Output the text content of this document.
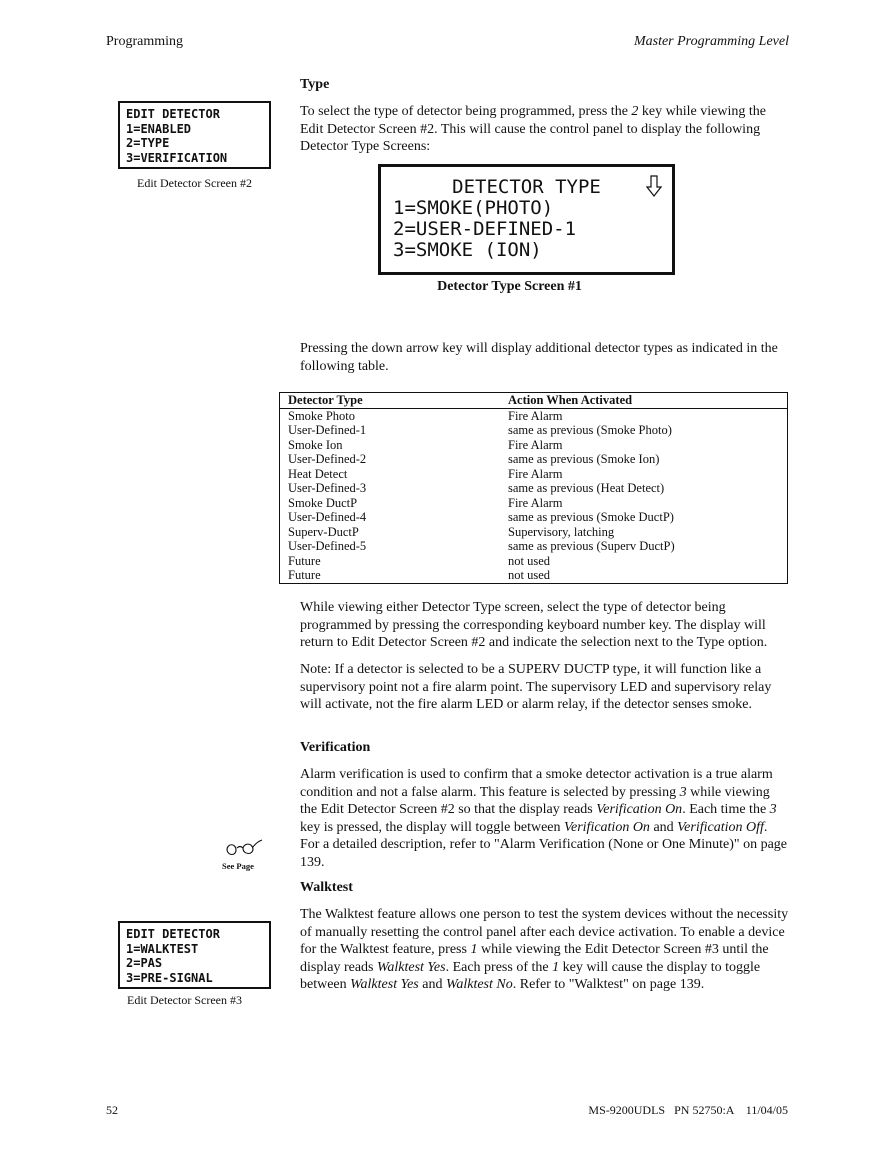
Programming	Master Programming Level
Type
To select the type of detector being programmed, press the 2 key while viewing the Edit Detector Screen #2. This will cause the control panel to display the following Detector Type Screens:
EDIT DETECTOR
1=ENABLED
2=TYPE
3=VERIFICATION
Edit Detector Screen #2	DETECTOR TYPE
1=SMOKE(PHOTO)
2=USER-DEFINED-1
3=SMOKE (ION)
Detector Type Screen #1
Pressing the down arrow key will display additional detector types as indicated in the following table.
Detector Type	Action When Activated
Smoke Photo	Fire Alarm
User-Defined-1	same as previous (Smoke Photo)
Smoke Ion	Fire Alarm
User-Defined-2	same as previous (Smoke Ion)
Heat Detect	Fire Alarm
User-Defined-3	same as previous (Heat Detect)
Smoke DuctP	Fire Alarm
User-Defined-4	same as previous (Smoke DuctP)
Superv-DuctP	Supervisory, latching
User-Defined-5	same as previous (Superv DuctP)
Future	not used
Future	not used
While viewing either Detector Type screen, select the type of detector being programmed by pressing the corresponding keyboard number key. The display will return to Edit Detector Screen #2 and indicate the selection next to the Type option.
Note: If a detector is selected to be a SUPERV DUCTP type, it will function like a supervisory point not a fire alarm point. The supervisory LED and supervisory relay will activate, not the fire alarm LED or alarm relay, if the detector senses smoke.
Verification
Alarm verification is used to confirm that a smoke detector activation is a true alarm condition and not a false alarm. This feature is selected by pressing 3 while viewing the Edit Detector Screen #2 so that the display reads Verification On. Each time the 3 key is pressed, the display will toggle between Verification On and Verification Off. For a detailed description, refer to "Alarm Verification (None or One Minute)" on page 139.
See Page
Walktest
The Walktest feature allows one person to test the system devices without the necessity of manually resetting the control panel after each device activation. To enable a device for the Walktest feature, press 1 while viewing the Edit Detector Screen #3 until the display reads Walktest Yes. Each press of the 1 key will cause the display to toggle between Walktest Yes and Walktest No. Refer to "Walktest" on page 139.
EDIT DETECTOR
1=WALKTEST
2=PAS
3=PRE-SIGNAL
Edit Detector Screen #3
52	MS-9200UDLS   PN 52750:A    11/04/05
